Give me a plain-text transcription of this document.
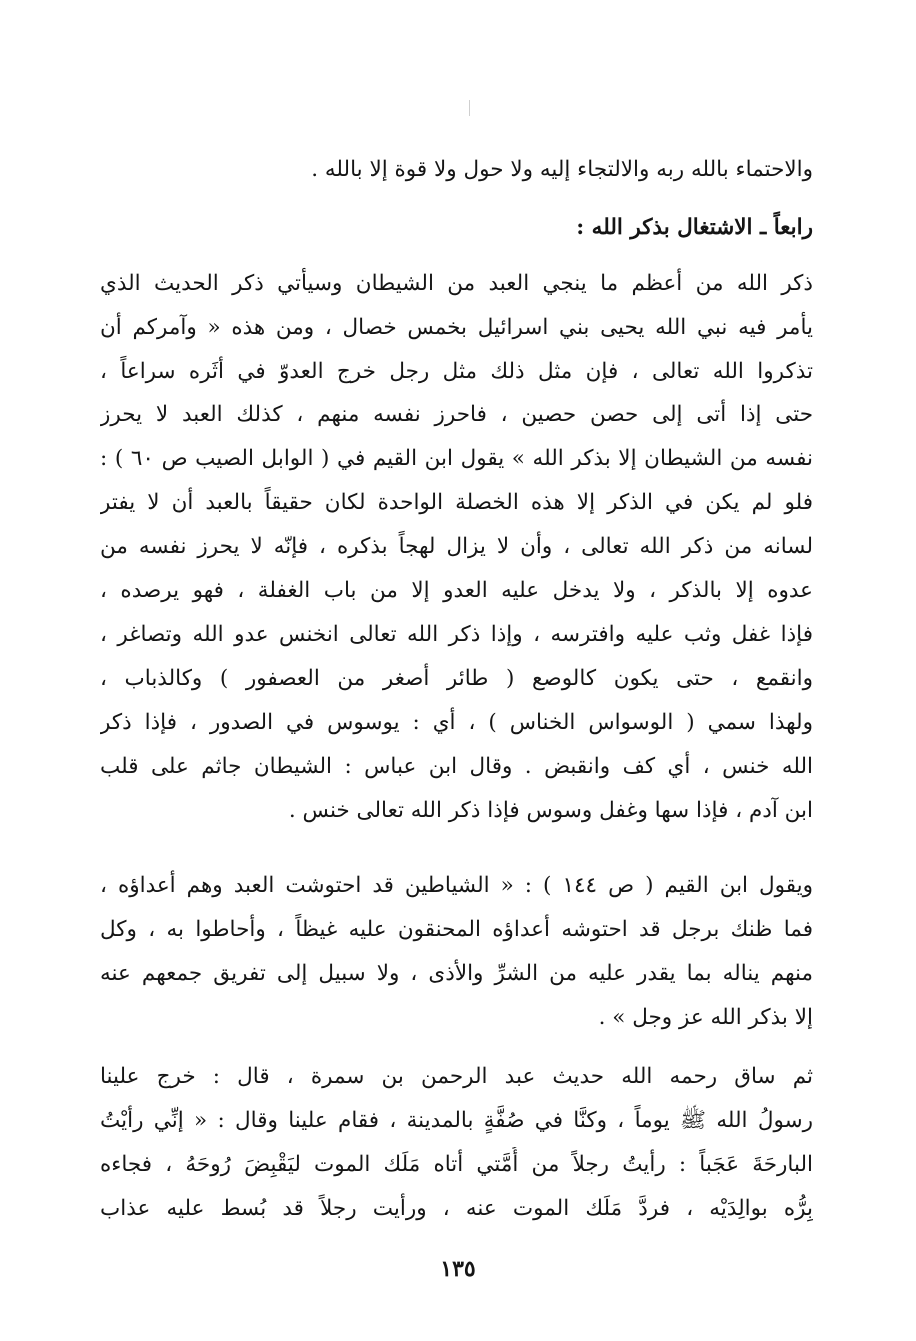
والاحتماء بالله ربه والالتجاء إليه ولا حول ولا قوة إلا بالله .
رابعاً ـ الاشتغال بذكر الله :
ذكر الله من أعظم ما ينجي العبد من الشيطان وسيأتي ذكر الحديث الذي
يأمر فيه نبي الله يحيى بني اسرائيل بخمس خصال ، ومن هذه « وآمركم أن
تذكروا الله تعالى ، فإن مثل ذلك مثل رجل خرج العدوّ في أثَره سراعاً ،
حتى إذا أتى إلى حصن حصين ، فاحرز نفسه منهم ، كذلك العبد لا يحرز
نفسه من الشيطان إلا بذكر الله » يقول ابن القيم في ( الوابل الصيب ص ٦٠ ) :
فلو لم يكن في الذكر إلا هذه الخصلة الواحدة لكان حقيقاً بالعبد أن لا يفتر
لسانه من ذكر الله تعالى ، وأن لا يزال لهجاً بذكره ، فإنّه لا يحرز نفسه من
عدوه إلا بالذكر ، ولا يدخل عليه العدو إلا من باب الغفلة ، فهو يرصده ،
فإذا غفل وثب عليه وافترسه ، وإذا ذكر الله تعالى انخنس عدو الله وتصاغر ،
وانقمع ، حتى يكون كالوصع ( طائر أصغر من العصفور ) وكالذباب ،
ولهذا سمي ( الوسواس الخناس ) ، أي : يوسوس في الصدور ، فإذا ذكر
الله خنس ، أي كف وانقبض . وقال ابن عباس : الشيطان جاثم على قلب
ابن آدم ، فإذا سها وغفل وسوس فإذا ذكر الله تعالى خنس .
ويقول ابن القيم ( ص ١٤٤ ) : « الشياطين قد احتوشت العبد وهم أعداؤه ،
فما ظنك برجل قد احتوشه أعداؤه المحنقون عليه غيظاً ، وأحاطوا به ، وكل
منهم يناله بما يقدر عليه من الشرِّ والأذى ، ولا سبيل إلى تفريق جمعهم عنه
إلا بذكر الله عز وجل » .
ثم ساق رحمه الله حديث عبد الرحمن بن سمرة ، قال : خرج علينا
رسولُ الله ﷺ يوماً ، وكنَّا في صُفَّةٍ بالمدينة ، فقام علينا وقال : « إنِّي رأيْتُ
البارحَةَ عَجَباً : رأيتُ رجلاً من أُمَّتي أتاه مَلَك الموت ليَقْبِضَ رُوحَهُ ، فجاءه
بِرُّه بوالِدَيْه ، فردَّ مَلَك الموت عنه ، ورأيت رجلاً قد بُسط عليه عذاب
١٣٥
